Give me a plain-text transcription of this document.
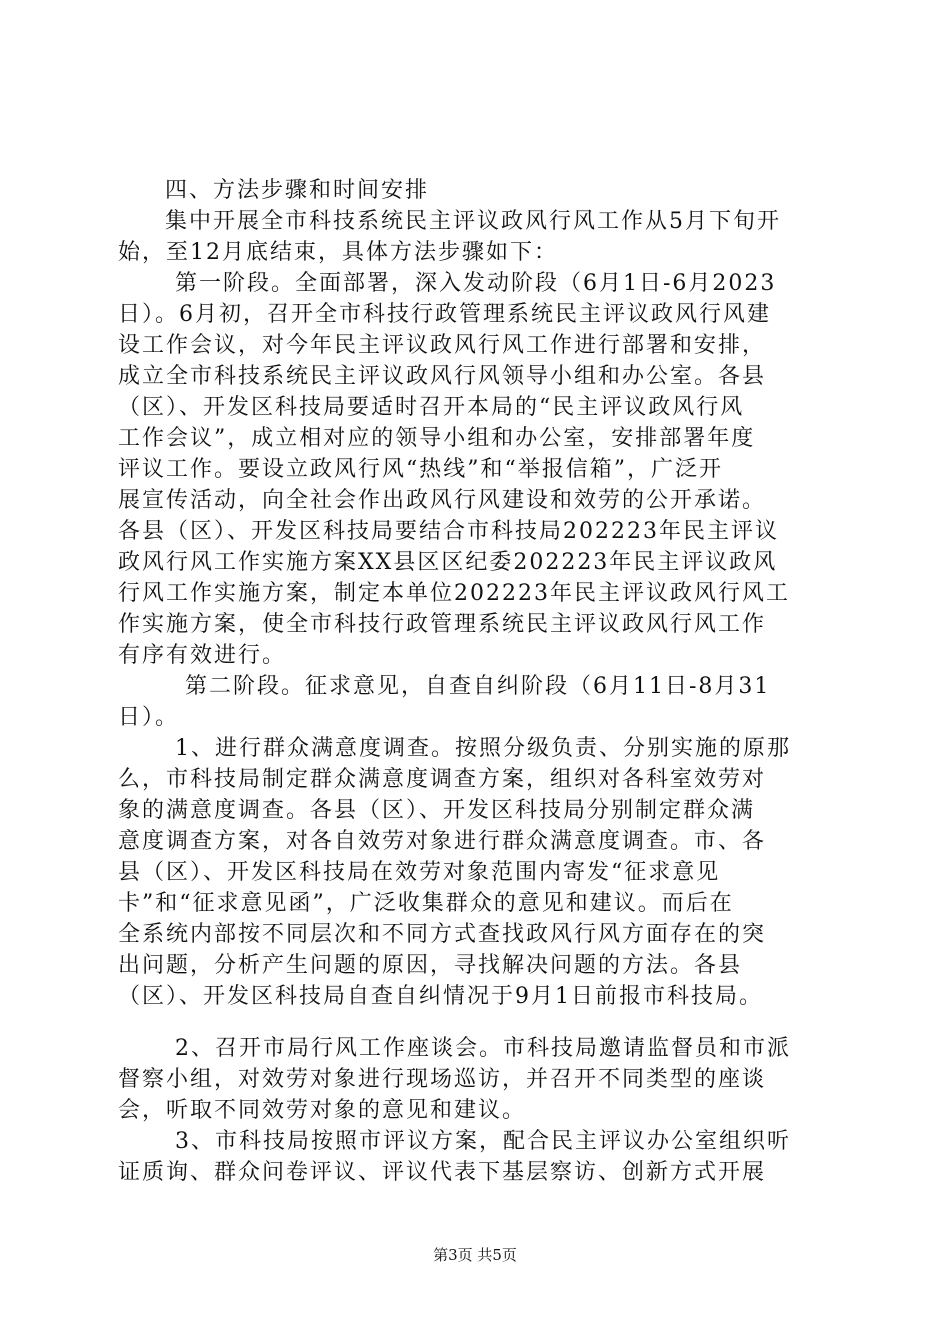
四、方法步骤和时间安排
集中开展全市科技系统民主评议政风行风工作从5月下旬开
始，至12月底结束，具体方法步骤如下：
第一阶段。全面部署，深入发动阶段（6月1日-6月2023
日）。6月初，召开全市科技行政管理系统民主评议政风行风建
设工作会议，对今年民主评议政风行风工作进行部署和安排，
成立全市科技系统民主评议政风行风领导小组和办公室。各县
（区）、开发区科技局要适时召开本局的“民主评议政风行风
工作会议”，成立相对应的领导小组和办公室，安排部署年度
评议工作。要设立政风行风“热线”和“举报信箱”，广泛开
展宣传活动，向全社会作出政风行风建设和效劳的公开承诺。
各县（区）、开发区科技局要结合市科技局202223年民主评议
政风行风工作实施方案XX县区区纪委202223年民主评议政风
行风工作实施方案，制定本单位202223年民主评议政风行风工
作实施方案，使全市科技行政管理系统民主评议政风行风工作
有序有效进行。
第二阶段。征求意见，自查自纠阶段（6月11日-8月31
日）。
1、进行群众满意度调查。按照分级负责、分别实施的原那
么，市科技局制定群众满意度调查方案，组织对各科室效劳对
象的满意度调查。各县（区）、开发区科技局分别制定群众满
意度调查方案，对各自效劳对象进行群众满意度调查。市、各
县（区）、开发区科技局在效劳对象范围内寄发“征求意见
卡”和“征求意见函”，广泛收集群众的意见和建议。而后在
全系统内部按不同层次和不同方式查找政风行风方面存在的突
出问题，分析产生问题的原因，寻找解决问题的方法。各县
（区）、开发区科技局自查自纠情况于9月1日前报市科技局。
2、召开市局行风工作座谈会。市科技局邀请监督员和市派
督察小组，对效劳对象进行现场巡访，并召开不同类型的座谈
会，听取不同效劳对象的意见和建议。
3、市科技局按照市评议方案，配合民主评议办公室组织听
证质询、群众问卷评议、评议代表下基层察访、创新方式开展
第3页 共5页
